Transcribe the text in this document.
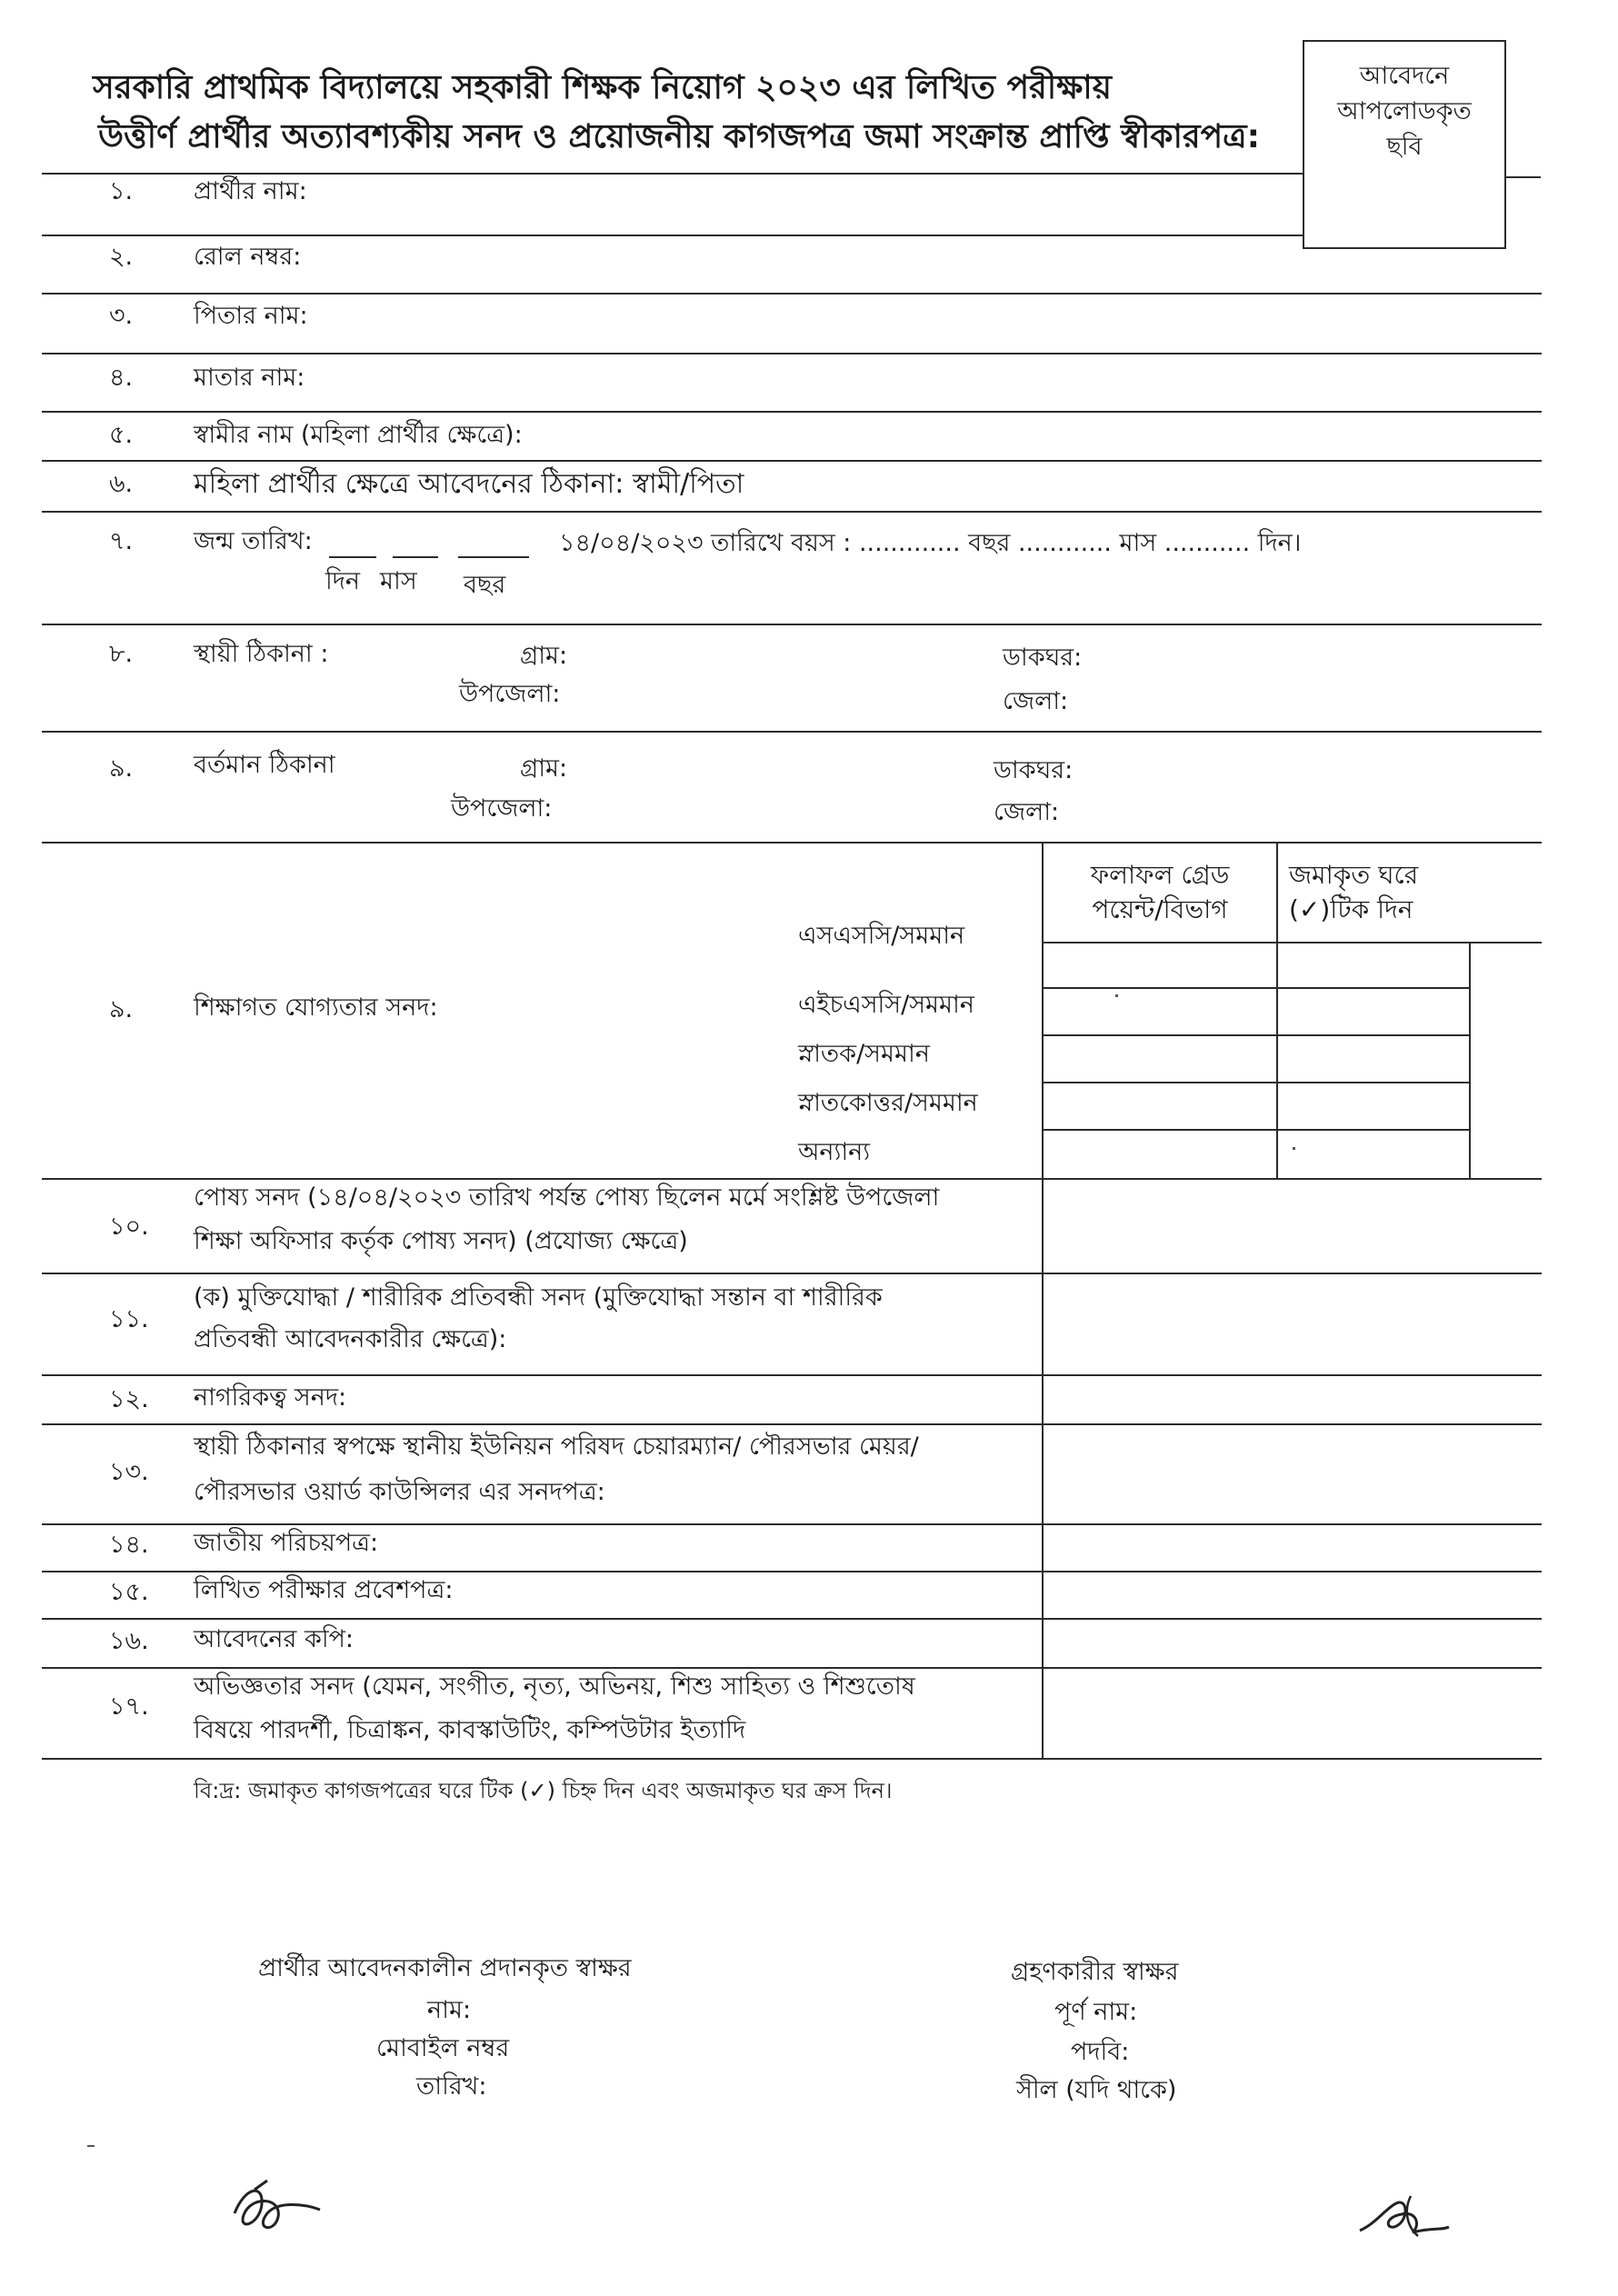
সরকারি প্রাথমিক বিদ্যালয়ে সহকারী শিক্ষক নিয়োগ ২০২৩ এর লিখিত পরীক্ষায়
উত্তীর্ণ প্রার্থীর অত্যাবশ্যকীয় সনদ ও প্রয়োজনীয় কাগজপত্র জমা সংক্রান্ত প্রাপ্তি স্বীকারপত্র:
আবেদনে
আপলোডকৃত
ছবি
১. প্রার্থীর নাম:
২. রোল নম্বর:
৩. পিতার নাম:
৪. মাতার নাম:
৫. স্বামীর নাম (মহিলা প্রার্থীর ক্ষেত্রে):
৬. মহিলা প্রার্থীর ক্ষেত্রে আবেদনের ঠিকানা: স্বামী/পিতা
৭. জন্ম তারিখ:	১৪/০৪/২০২৩ তারিখে বয়স : ............. বছর ............ মাস ........... দিন।
দিন মাস বছর
৮. স্থায়ী ঠিকানা :	গ্রাম:
উপজেলা:
ডাকঘর:
জেলা:
৯. বর্তমান ঠিকানা	গ্রাম:
উপজেলা:
ডাকঘর:
জেলা:
৯. শিক্ষাগত যোগ্যতার সনদ:
ফলাফল গ্রেড
পয়েন্ট/বিভাগ
জমাকৃত ঘরে
(✓)টিক দিন
এসএসসি/সমমান
এইচএসসি/সমমান
স্নাতক/সমমান
স্নাতকোত্তর/সমমান
অন্যান্য
১০.
পোষ্য সনদ (১৪/০৪/২০২৩ তারিখ পর্যন্ত পোষ্য ছিলেন মর্মে সংশ্লিষ্ট উপজেলা
শিক্ষা অফিসার কর্তৃক পোষ্য সনদ) (প্রযোজ্য ক্ষেত্রে)
১১.
(ক) মুক্তিযোদ্ধা / শারীরিক প্রতিবন্ধী সনদ (মুক্তিযোদ্ধা সন্তান বা শারীরিক
প্রতিবন্ধী আবেদনকারীর ক্ষেত্রে):
১২. নাগরিকত্ব সনদ:
১৩.
স্থায়ী ঠিকানার স্বপক্ষে স্থানীয় ইউনিয়ন পরিষদ চেয়ারম্যান/ পৌরসভার মেয়র/
পৌরসভার ওয়ার্ড কাউন্সিলর এর সনদপত্র:
১৪. জাতীয় পরিচয়পত্র:
১৫. লিখিত পরীক্ষার প্রবেশপত্র:
১৬. আবেদনের কপি:
১৭.
অভিজ্ঞতার সনদ (যেমন, সংগীত, নৃত্য, অভিনয়, শিশু সাহিত্য ও শিশুতোষ
বিষয়ে পারদর্শী, চিত্রাঙ্কন, কাবস্কাউটিং, কম্পিউটার ইত্যাদি
বি:দ্র: জমাকৃত কাগজপত্রের ঘরে টিক (✓) চিহ্ন দিন এবং অজমাকৃত ঘর ক্রস দিন।
প্রার্থীর আবেদনকালীন প্রদানকৃত স্বাক্ষর
নাম:
মোবাইল নম্বর
তারিখ:
গ্রহণকারীর স্বাক্ষর
পূর্ণ নাম:
পদবি:
সীল (যদি থাকে)
